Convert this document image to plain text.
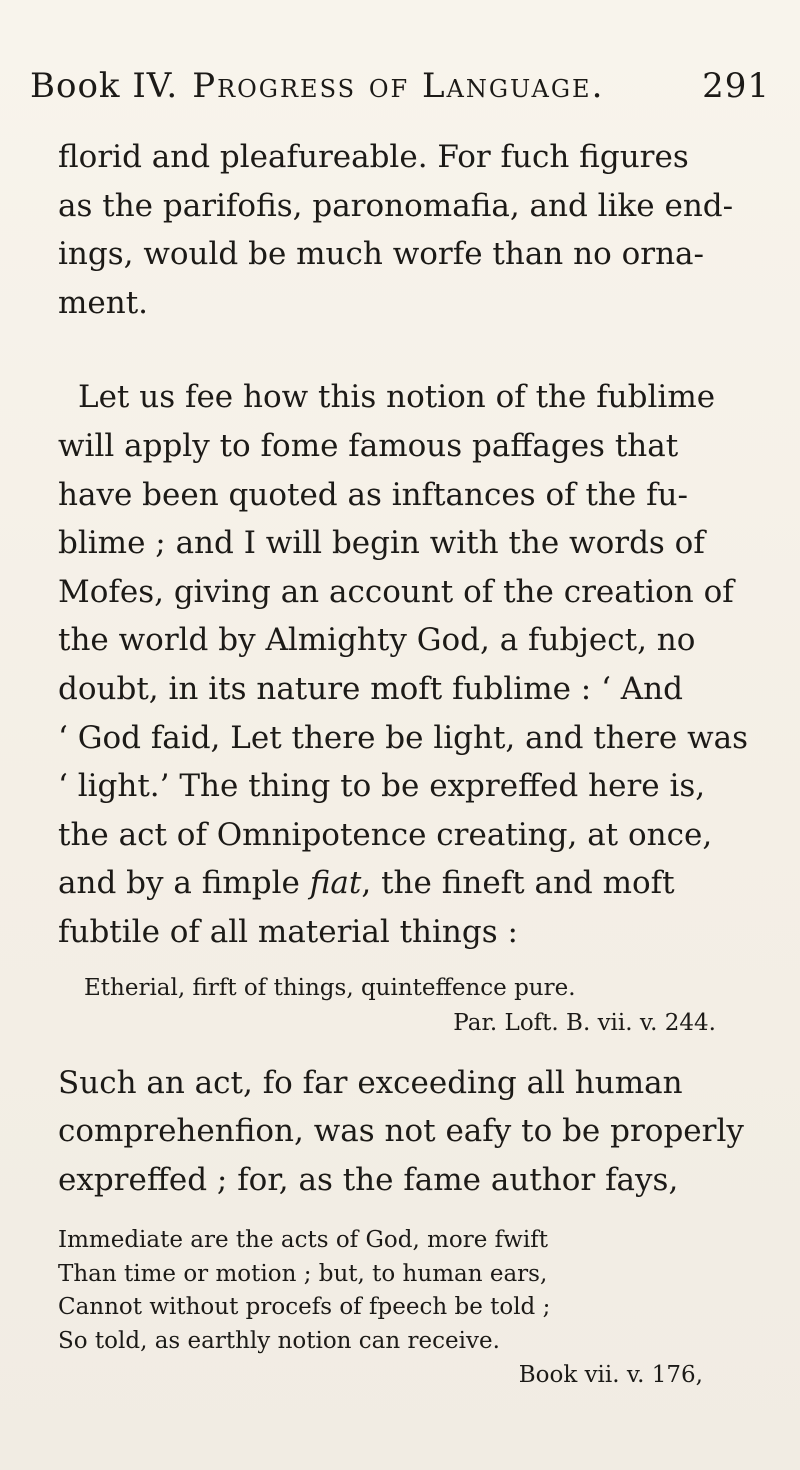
Book IV. Progress of Language.	291
florid and pleafureable. For fuch figures
as the parifofis, paronomafia, and like end-
ings, would be much worfe than no orna-
ment.
Let us fee how this notion of the fublime
will apply to fome famous paffages that
have been quoted as inftances of the fu-
blime ; and I will begin with the words of
Mofes, giving an account of the creation of
the world by Almighty God, a fubject, no
doubt, in its nature moft fublime : ‘ And
‘ God faid, Let there be light, and there was
‘ light.’ The thing to be expreffed here is,
the act of Omnipotence creating, at once,
and by a fimple fiat, the fineft and moft
fubtile of all material things :
Etherial, firft of things, quinteffence pure.
Par. Loft. B. vii. v. 244.
Such an act, fo far exceeding all human
comprehenfion, was not eafy to be properly
expreffed ; for, as the fame author fays,
Immediate are the acts of God, more fwift
Than time or motion ; but, to human ears,
Cannot without procefs of fpeech be told ;
So told, as earthly notion can receive.
Book vii. v. 176,
